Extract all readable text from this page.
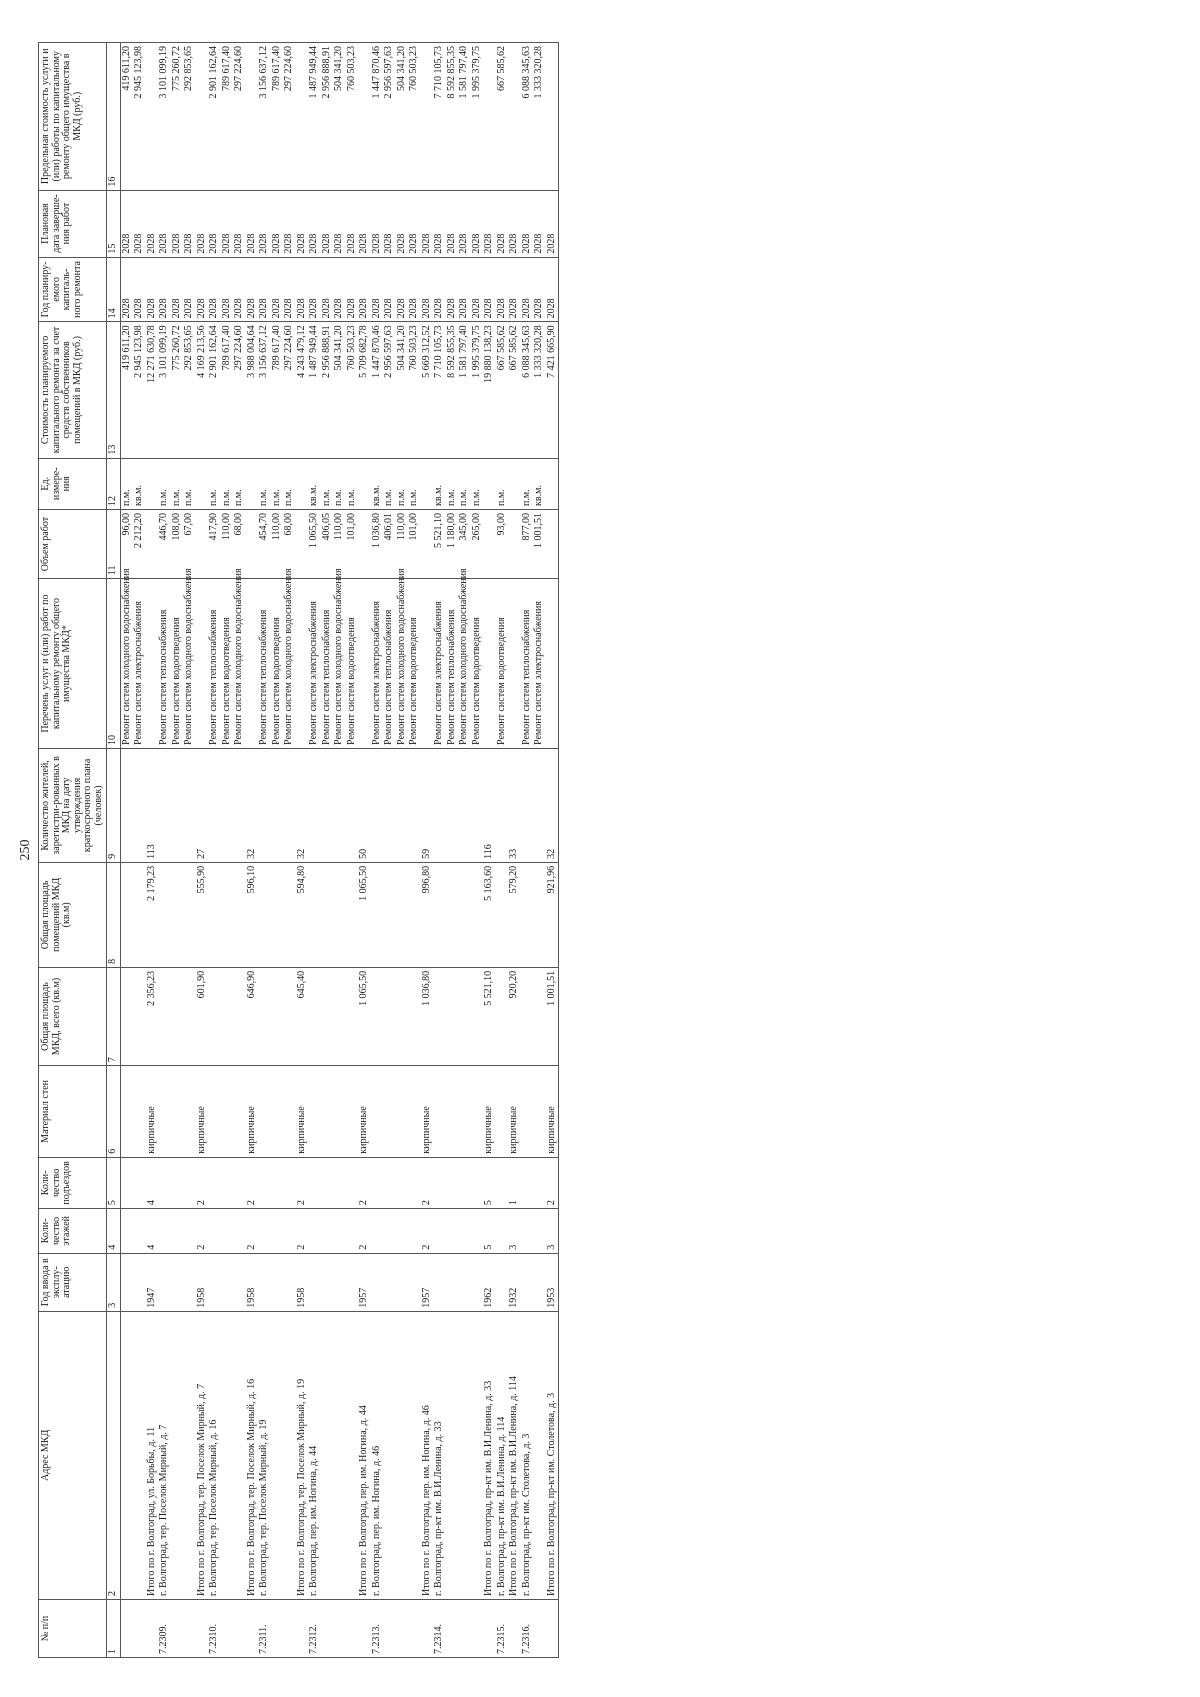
250
№ п/п	Адрес МКД	Год ввода в эксплу-атацию	Коли-чество этажей	Коли-чество подъездов	Материал стен	Общая площадь МКД, всего (кв.м)	Общая площадь помещений МКД (кв.м)	Количество жителей, зарегистри-рованных в МКД на дату утверждения краткосрочного плана (человек)	Перечень услуг и (или) работ по капитальному ремонту общего имущества МКД*	Объем работ	Ед. измере-ния	Стоимость планируемого капитального ремонта за счет средств собственников помещений в МКД (руб.)	Год планиру-емого капиталь-ного ремонта	Плановая дата заверше-ния работ	Предельная стоимость услуги и (или) работы по капитальному ремонту общего имущества в МКД (руб.)
1	2	3	4	5	6	7	8	9	10	11	12	13	14	15	16
									Ремонт систем холодного водоснабжения	96,00	п.м.	419 611,20	2028	2028	419 611,20
									Ремонт систем электроснабжения	2 212,20	кв.м.	2 945 123,98	2028	2028	2 945 123,98
	Итого по г. Волгоград, ул. Борьбы, д. 11	1947	4	4	кирпичные	2 356,23	2 179,23	113				12 271 630,78	2028	2028	
7.2309.	г. Волгоград, тер. Поселок Мирный, д. 7								Ремонт систем теплоснабжения	446,70	п.м.	3 101 099,19	2028	2028	3 101 099,19
									Ремонт систем водоотведения	108,00	п.м.	775 260,72	2028	2028	775 260,72
									Ремонт систем холодного водоснабжения	67,00	п.м.	292 853,65	2028	2028	292 853,65
	Итого по г. Волгоград, тер. Поселок Мирный, д. 7	1958	2	2	кирпичные	601,90	555,90	27				4 169 213,56	2028	2028	
7.2310.	г. Волгоград, тер. Поселок Мирный, д. 16								Ремонт систем теплоснабжения	417,90	п.м.	2 901 162,64	2028	2028	2 901 162,64
									Ремонт систем водоотведения	110,00	п.м.	789 617,40	2028	2028	789 617,40
									Ремонт систем холодного водоснабжения	68,00	п.м.	297 224,60	2028	2028	297 224,60
	Итого по г. Волгоград, тер. Поселок Мирный, д. 16	1958	2	2	кирпичные	646,90	596,10	32				3 988 004,64	2028	2028	
7.2311.	г. Волгоград, тер. Поселок Мирный, д. 19								Ремонт систем теплоснабжения	454,70	п.м.	3 156 637,12	2028	2028	3 156 637,12
									Ремонт систем водоотведения	110,00	п.м.	789 617,40	2028	2028	789 617,40
									Ремонт систем холодного водоснабжения	68,00	п.м.	297 224,60	2028	2028	297 224,60
	Итого по г. Волгоград, тер. Поселок Мирный, д. 19	1958	2	2	кирпичные	645,40	594,80	32				4 243 479,12	2028	2028	
7.2312.	г. Волгоград, пер. им. Ногина, д. 44								Ремонт систем электроснабжения	1 065,50	кв.м.	1 487 949,44	2028	2028	1 487 949,44
									Ремонт систем теплоснабжения	406,05	п.м.	2 956 888,91	2028	2028	2 956 888,91
									Ремонт систем холодного водоснабжения	110,00	п.м.	504 341,20	2028	2028	504 341,20
									Ремонт систем водоотведения	101,00	п.м.	760 503,23	2028	2028	760 503,23
	Итого по г. Волгоград, пер. им. Ногина, д. 44	1957	2	2	кирпичные	1 065,50	1 065,50	50				5 709 682,78	2028	2028	
7.2313.	г. Волгоград, пер. им. Ногина, д. 46								Ремонт систем электроснабжения	1 036,80	кв.м.	1 447 870,46	2028	2028	1 447 870,46
									Ремонт систем теплоснабжения	406,01	п.м.	2 956 597,63	2028	2028	2 956 597,63
									Ремонт систем холодного водоснабжения	110,00	п.м.	504 341,20	2028	2028	504 341,20
									Ремонт систем водоотведения	101,00	п.м.	760 503,23	2028	2028	760 503,23
	Итого по г. Волгоград, пер. им. Ногина, д. 46	1957	2	2	кирпичные	1 036,80	996,80	59				5 669 312,52	2028	2028	
7.2314.	г. Волгоград, пр-кт им. В.И.Ленина, д. 33								Ремонт систем электроснабжения	5 521,10	кв.м.	7 710 105,73	2028	2028	7 710 105,73
									Ремонт систем теплоснабжения	1 180,00	п.м.	8 592 855,35	2028	2028	8 592 855,35
									Ремонт систем холодного водоснабжения	345,00	п.м.	1 581 797,40	2028	2028	1 581 797,40
									Ремонт систем водоотведения	265,00	п.м.	1 995 379,75	2028	2028	1 995 379,75
	Итого по г. Волгоград, пр-кт им. В.И.Ленина, д. 33	1962	5	5	кирпичные	5 521,10	5 163,60	116				19 880 138,23	2028	2028	
7.2315.	г. Волгоград, пр-кт им. В.И.Ленина, д. 114								Ремонт систем водоотведения	93,00	п.м.	667 585,62	2028	2028	667 585,62
	Итого по г. Волгоград, пр-кт им. В.И.Ленина, д. 114	1932	3	1	кирпичные	920,20	579,20	33				667 585,62	2028	2028	
7.2316.	г. Волгоград, пр-кт им. Столетова, д. 3								Ремонт систем теплоснабжения	877,00	п.м.	6 088 345,63	2028	2028	6 088 345,63
									Ремонт систем электроснабжения	1 001,51	кв.м.	1 333 320,28	2028	2028	1 333 320,28
	Итого по г. Волгоград, пр-кт им. Столетова, д. 3	1953	3	2	кирпичные	1 001,51	921,96	32				7 421 665,90	2028	2028	
